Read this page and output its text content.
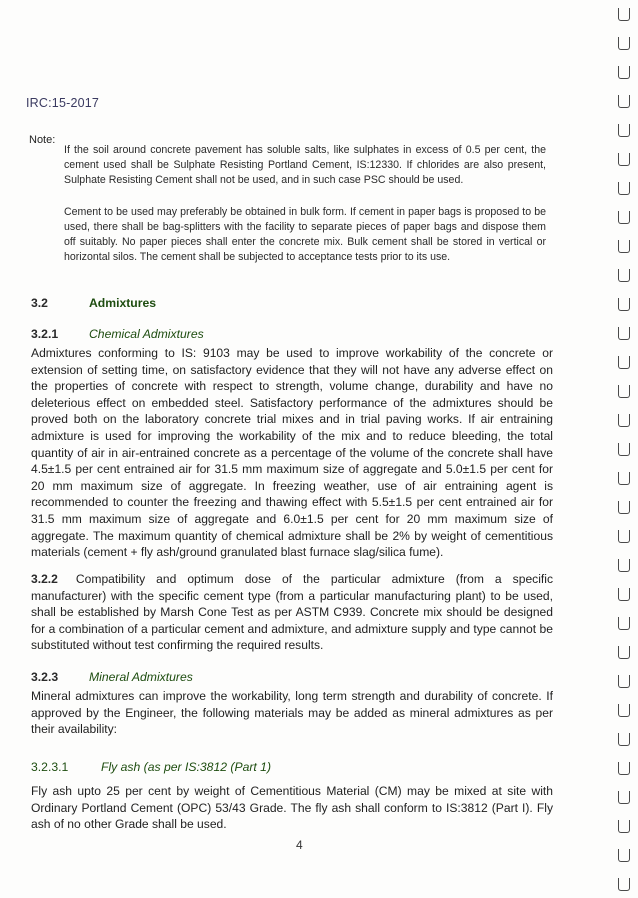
IRC:15-2017
Note:
If the soil around concrete pavement has soluble salts, like sulphates in excess of 0.5 per cent, the cement used shall be Sulphate Resisting Portland Cement, IS:12330. If chlorides are also present, Sulphate Resisting Cement shall not be used, and in such case PSC should be used.
Cement to be used may preferably be obtained in bulk form. If cement in paper bags is proposed to be used, there shall be bag-splitters with the facility to separate pieces of paper bags and dispose them off suitably. No paper pieces shall enter the concrete mix. Bulk cement shall be stored in vertical or horizontal silos. The cement shall be subjected to acceptance tests prior to its use.
3.2	Admixtures
3.2.1	Chemical Admixtures
Admixtures conforming to IS: 9103 may be used to improve workability of the concrete or extension of setting time, on satisfactory evidence that they will not have any adverse effect on the properties of concrete with respect to strength, volume change, durability and have no deleterious effect on embedded steel. Satisfactory performance of the admixtures should be proved both on the laboratory concrete trial mixes and in trial paving works. If air entraining admixture is used for improving the workability of the mix and to reduce bleeding, the total quantity of air in air-entrained concrete as a percentage of the volume of the concrete shall have 4.5±1.5 per cent entrained air for 31.5 mm maximum size of aggregate and 5.0±1.5 per cent for 20 mm maximum size of aggregate. In freezing weather, use of air entraining agent is recommended to counter the freezing and thawing effect with 5.5±1.5 per cent entrained air for 31.5 mm maximum size of aggregate and 6.0±1.5 per cent for 20 mm maximum size of aggregate. The maximum quantity of chemical admixture shall be 2% by weight of cementitious materials (cement + fly ash/ground granulated blast furnace slag/silica fume).
3.2.2 Compatibility and optimum dose of the particular admixture (from a specific manufacturer) with the specific cement type (from a particular manufacturing plant) to be used, shall be established by Marsh Cone Test as per ASTM C939. Concrete mix should be designed for a combination of a particular cement and admixture, and admixture supply and type cannot be substituted without test confirming the required results.
3.2.3	Mineral Admixtures
Mineral admixtures can improve the workability, long term strength and durability of concrete. If approved by the Engineer, the following materials may be added as mineral admixtures as per their availability:
3.2.3.1	Fly ash (as per IS:3812 (Part 1)
Fly ash upto 25 per cent by weight of Cementitious Material (CM) may be mixed at site with Ordinary Portland Cement (OPC) 53/43 Grade. The fly ash shall conform to IS:3812 (Part I). Fly ash of no other Grade shall be used.
4
